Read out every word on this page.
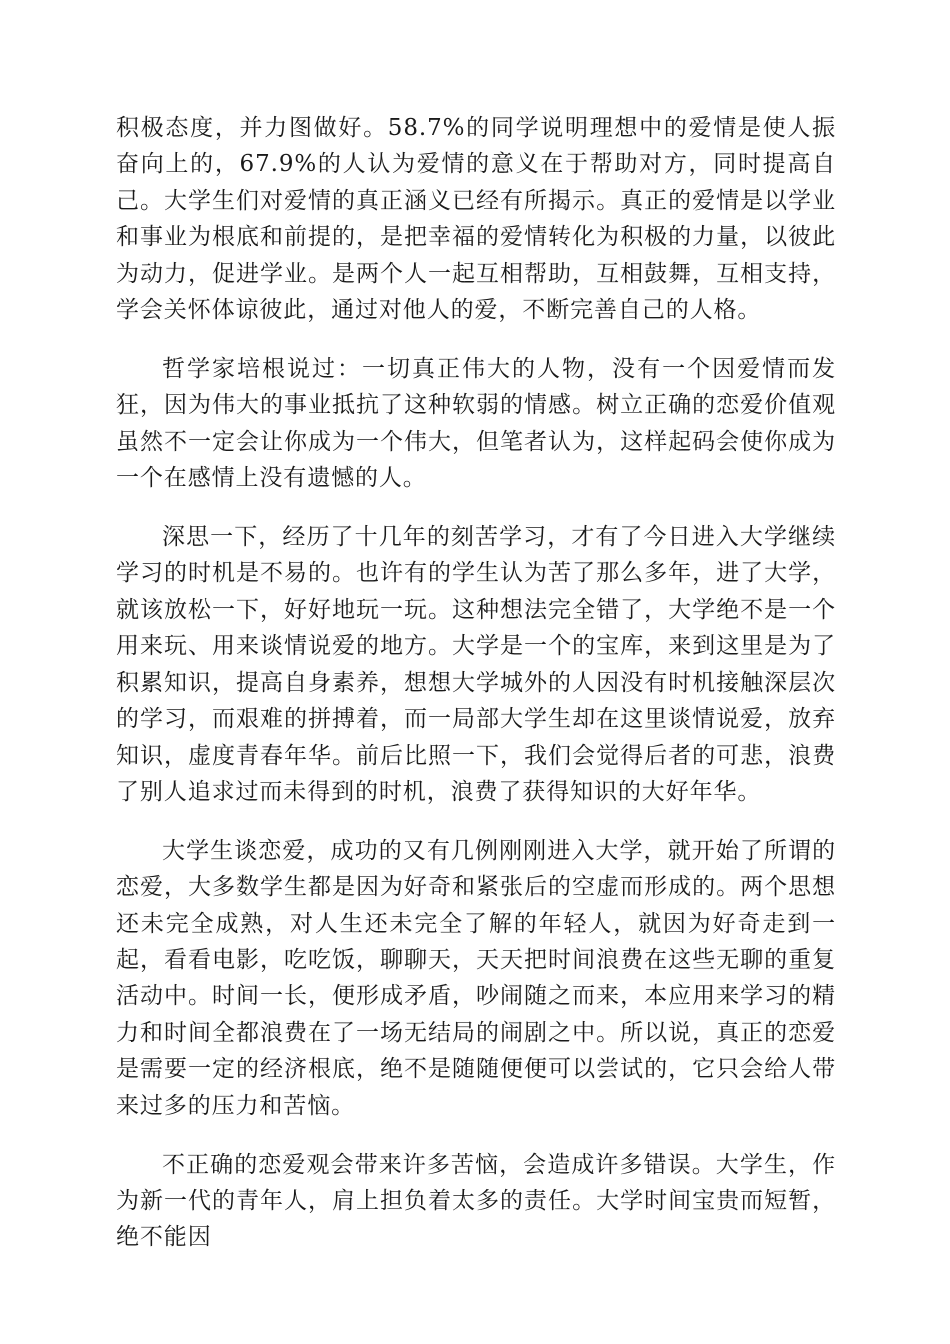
积极态度，并力图做好。58.7%的同学说明理想中的爱情是使人振奋向上的，67.9%的人认为爱情的意义在于帮助对方，同时提高自己。大学生们对爱情的真正涵义已经有所揭示。真正的爱情是以学业和事业为根底和前提的，是把幸福的爱情转化为积极的力量，以彼此为动力，促进学业。是两个人一起互相帮助，互相鼓舞，互相支持，学会关怀体谅彼此，通过对他人的爱，不断完善自己的人格。

哲学家培根说过：一切真正伟大的人物，没有一个因爱情而发狂，因为伟大的事业抵抗了这种软弱的情感。树立正确的恋爱价值观虽然不一定会让你成为一个伟大，但笔者认为，这样起码会使你成为一个在感情上没有遗憾的人。

深思一下，经历了十几年的刻苦学习，才有了今日进入大学继续学习的时机是不易的。也许有的学生认为苦了那么多年，进了大学，就该放松一下，好好地玩一玩。这种想法完全错了，大学绝不是一个用来玩、用来谈情说爱的地方。大学是一个的宝库，来到这里是为了积累知识，提高自身素养，想想大学城外的人因没有时机接触深层次的学习，而艰难的拼搏着，而一局部大学生却在这里谈情说爱，放弃知识，虚度青春年华。前后比照一下，我们会觉得后者的可悲，浪费了别人追求过而未得到的时机，浪费了获得知识的大好年华。

大学生谈恋爱，成功的又有几例刚刚进入大学，就开始了所谓的恋爱，大多数学生都是因为好奇和紧张后的空虚而形成的。两个思想还未完全成熟，对人生还未完全了解的年轻人，就因为好奇走到一起，看看电影，吃吃饭，聊聊天，天天把时间浪费在这些无聊的重复活动中。时间一长，便形成矛盾，吵闹随之而来，本应用来学习的精力和时间全都浪费在了一场无结局的闹剧之中。所以说，真正的恋爱是需要一定的经济根底，绝不是随随便便可以尝试的，它只会给人带来过多的压力和苦恼。

不正确的恋爱观会带来许多苦恼，会造成许多错误。大学生，作为新一代的青年人，肩上担负着太多的责任。大学时间宝贵而短暂，绝不能因
